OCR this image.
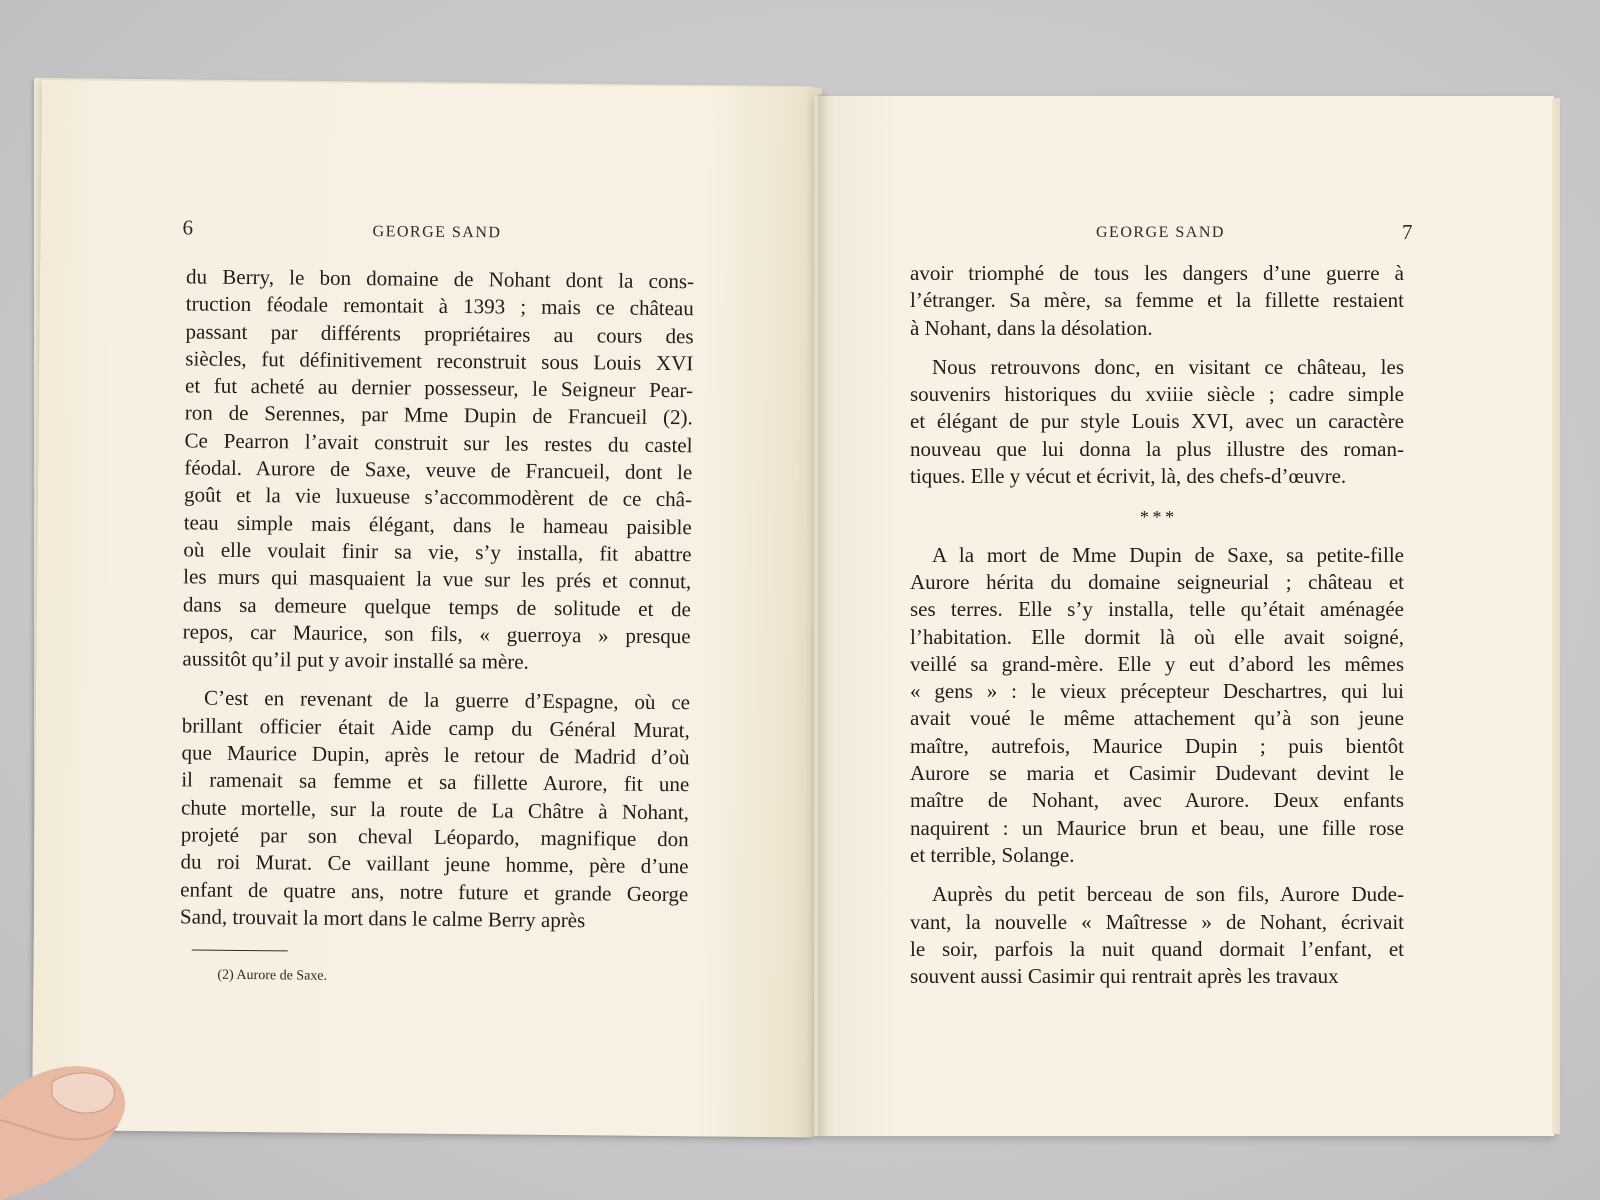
6	GEORGE SAND

du Berry, le bon domaine de Nohant dont la cons-
truction féodale remontait à 1393 ; mais ce château
passant par différents propriétaires au cours des
siècles, fut définitivement reconstruit sous Louis XVI
et fut acheté au dernier possesseur, le Seigneur Pear-
ron de Serennes, par Mme Dupin de Francueil (2).
Ce Pearron l’avait construit sur les restes du castel
féodal. Aurore de Saxe, veuve de Francueil, dont le
goût et la vie luxueuse s’accommodèrent de ce châ-
teau simple mais élégant, dans le hameau paisible
où elle voulait finir sa vie, s’y installa, fit abattre
les murs qui masquaient la vue sur les prés et connut,
dans sa demeure quelque temps de solitude et de
repos, car Maurice, son fils, « guerroya » presque
aussitôt qu’il put y avoir installé sa mère.

C’est en revenant de la guerre d’Espagne, où ce
brillant officier était Aide camp du Général Murat,
que Maurice Dupin, après le retour de Madrid d’où
il ramenait sa femme et sa fillette Aurore, fit une
chute mortelle, sur la route de La Châtre à Nohant,
projeté par son cheval Léopardo, magnifique don
du roi Murat. Ce vaillant jeune homme, père d’une
enfant de quatre ans, notre future et grande George
Sand, trouvait la mort dans le calme Berry après

(2) Aurore de Saxe.
GEORGE SAND	7

avoir triomphé de tous les dangers d’une guerre à
l’étranger. Sa mère, sa femme et la fillette restaient
à Nohant, dans la désolation.

Nous retrouvons donc, en visitant ce château, les
souvenirs historiques du xviiie siècle ; cadre simple
et élégant de pur style Louis XVI, avec un caractère
nouveau que lui donna la plus illustre des roman-
tiques. Elle y vécut et écrivit, là, des chefs-d’œuvre.

* * *

A la mort de Mme Dupin de Saxe, sa petite-fille
Aurore hérita du domaine seigneurial ; château et
ses terres. Elle s’y installa, telle qu’était aménagée
l’habitation. Elle dormit là où elle avait soigné,
veillé sa grand-mère. Elle y eut d’abord les mêmes
« gens » : le vieux précepteur Deschartres, qui lui
avait voué le même attachement qu’à son jeune
maître, autrefois, Maurice Dupin ; puis bientôt
Aurore se maria et Casimir Dudevant devint le
maître de Nohant, avec Aurore. Deux enfants
naquirent : un Maurice brun et beau, une fille rose
et terrible, Solange.

Auprès du petit berceau de son fils, Aurore Dude-
vant, la nouvelle « Maîtresse » de Nohant, écrivait
le soir, parfois la nuit quand dormait l’enfant, et
souvent aussi Casimir qui rentrait après les travaux
